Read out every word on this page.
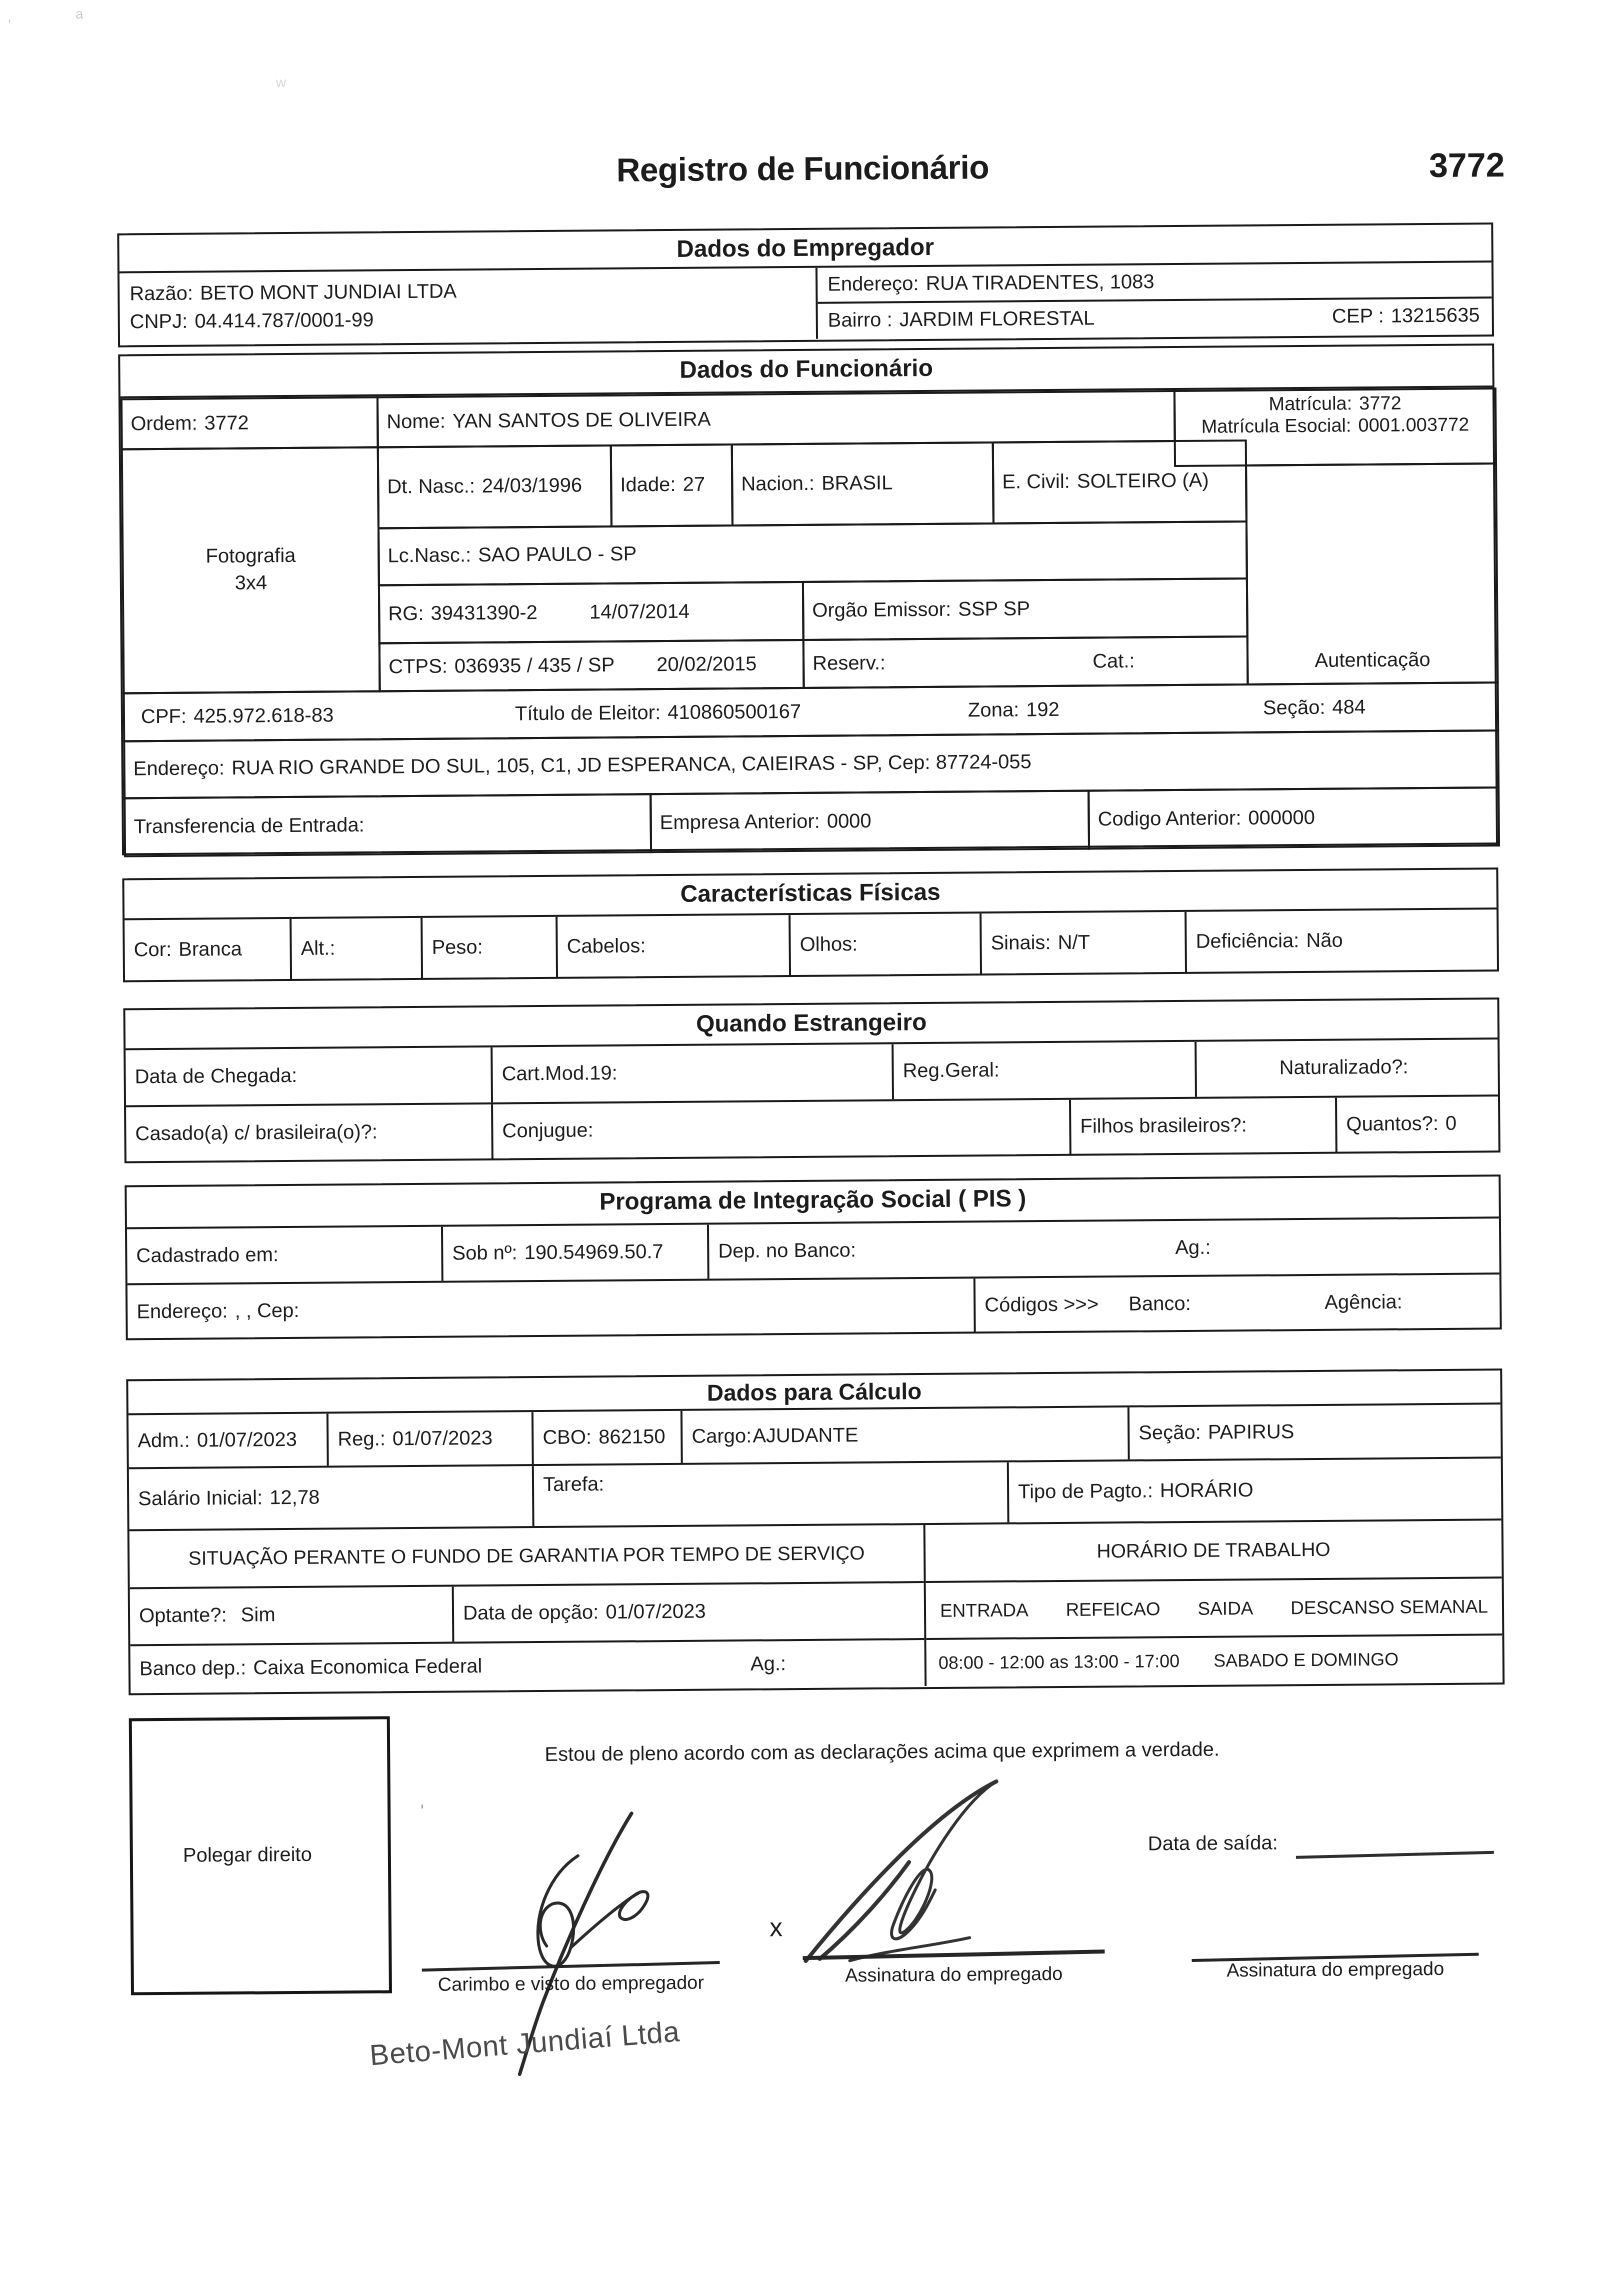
,	a
w
Registro de Funcionário	3772
Dados do Empregador
Razão: BETO MONT JUNDIAI LTDA
CNPJ: 04.414.787/0001-99
Endereço: RUA TIRADENTES, 1083
Bairro : JARDIM FLORESTAL	CEP : 13215635
Dados do Funcionário
Ordem: 3772	Nome: YAN SANTOS DE OLIVEIRA
Matrícula: 3772
Matrícula Esocial: 0001.003772
Fotografia
3x4
Dt. Nasc.: 24/03/1996 Idade: 27 Nacion.: BRASIL	E. Civil: SOLTEIRO (A)
Lc.Nasc.: SAO PAULO - SP
RG: 39431390-2	14/07/2014	Orgão Emissor: SSP SP
CTPS: 036935 / 435 / SP 20/02/2015	Reserv.:	Cat.:	Autenticação
CPF: 425.972.618-83	Título de Eleitor: 410860500167	Zona: 192	Seção: 484
Endereço: RUA RIO GRANDE DO SUL, 105, C1, JD ESPERANCA, CAIEIRAS - SP, Cep: 87724-055
Transferencia de Entrada:	Empresa Anterior: 0000	Codigo Anterior: 000000
Características Físicas
Cor: Branca	Alt.:	Peso:	Cabelos:	Olhos:	Sinais: N/T	Deficiência: Não
Quando Estrangeiro
Data de Chegada:	Cart.Mod.19:	Reg.Geral:	Naturalizado?:
Casado(a) c/ brasileira(o)?:	Conjugue:	Filhos brasileiros?:	Quantos?: 0
Programa de Integração Social ( PIS )
Cadastrado em:	Sob nº: 190.54969.50.7	Dep. no Banco:	Ag.:
Endereço: , , Cep:	Códigos >>> Banco:	Agência:
Dados para Cálculo
Adm.: 01/07/2023 Reg.: 01/07/2023 CBO: 862150 Cargo: AJUDANTE	Seção: PAPIRUS
Salário Inicial: 12,78
Tarefa:	Tipo de Pagto.: HORÁRIO
SITUAÇÃO PERANTE O FUNDO DE GARANTIA POR TEMPO DE SERVIÇO
Optante?: Sim	Data de opção: 01/07/2023
Banco dep.: Caixa Economica Federal	Ag.:
HORÁRIO DE TRABALHO
ENTRADA REFEICAO SAIDA DESCANSO SEMANAL
08:00 - 12:00 as 13:00 - 17:00 SABADO E DOMINGO
Polegar direito
Estou de pleno acordo com as declarações acima que exprimem a verdade.
'
x
Data de saída:
Carimbo e visto do empregador	Assinatura do empregado	Assinatura do empregado
Beto-Mont Jundiaí Ltda
